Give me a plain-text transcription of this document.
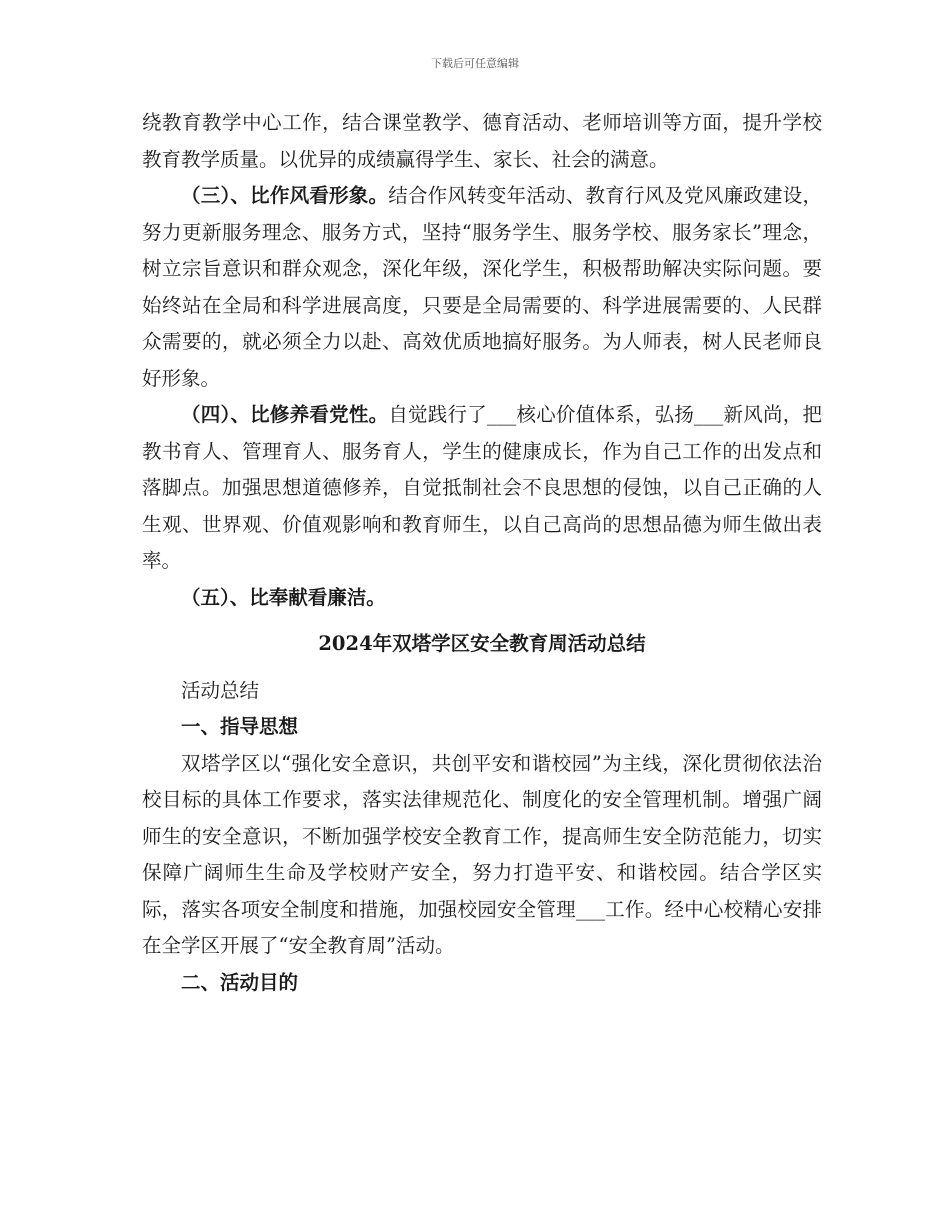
下载后可任意编辑

绕教育教学中心工作，结合课堂教学、德育活动、老师培训等方面，提升学校教育教学质量。以优异的成绩赢得学生、家长、社会的满意。

（三）、比作风看形象。结合作风转变年活动、教育行风及党风廉政建设，努力更新服务理念、服务方式，坚持“服务学生、服务学校、服务家长”理念，树立宗旨意识和群众观念，深化年级，深化学生，积极帮助解决实际问题。要始终站在全局和科学进展高度，只要是全局需要的、科学进展需要的、人民群众需要的，就必须全力以赴、高效优质地搞好服务。为人师表，树人民老师良好形象。

（四）、比修养看党性。自觉践行了___核心价值体系，弘扬___新风尚，把教书育人、管理育人、服务育人，学生的健康成长，作为自己工作的出发点和落脚点。加强思想道德修养，自觉抵制社会不良思想的侵蚀，以自己正确的人生观、世界观、价值观影响和教育师生，以自己高尚的思想品德为师生做出表率。

（五）、比奉献看廉洁。

2024年双塔学区安全教育周活动总结

活动总结

一、指导思想

双塔学区以“强化安全意识，共创平安和谐校园”为主线，深化贯彻依法治校目标的具体工作要求，落实法律规范化、制度化的安全管理机制。增强广阔师生的安全意识，不断加强学校安全教育工作，提高师生安全防范能力，切实保障广阔师生生命及学校财产安全，努力打造平安、和谐校园。结合学区实际，落实各项安全制度和措施，加强校园安全管理___工作。经中心校精心安排在全学区开展了“安全教育周”活动。

二、活动目的
